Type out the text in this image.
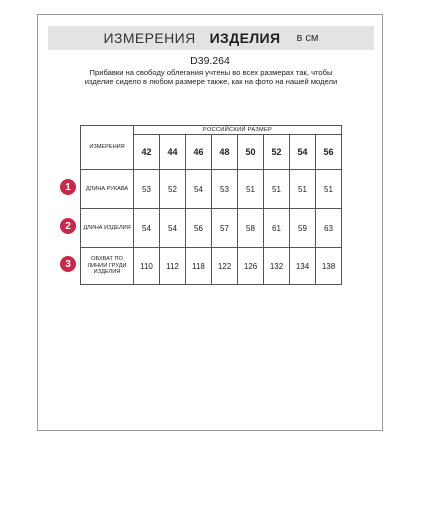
ИЗМЕРЕНИЯ ИЗДЕЛИЯ в см
D39.264
Прибавки на свободу облегания учтены во всех размерах так, чтобы изделие сидело в любом размере также, как на фото на нашей модели
ИЗМЕРЕНИЯ	РОССИЙСКИЙ РАЗМЕР							
	42	44	46	48	50	52	54	56
ДЛИНА РУКАВА	53	52	54	53	51	51	51	51
ДЛИНА ИЗДЕЛИЯ	54	54	56	57	58	61	59	63
ОБХВАТ ПО ЛИНИИ ГРУДИ ИЗДЕЛИЯ	110	112	118	122	126	132	134	138
1
2
3
